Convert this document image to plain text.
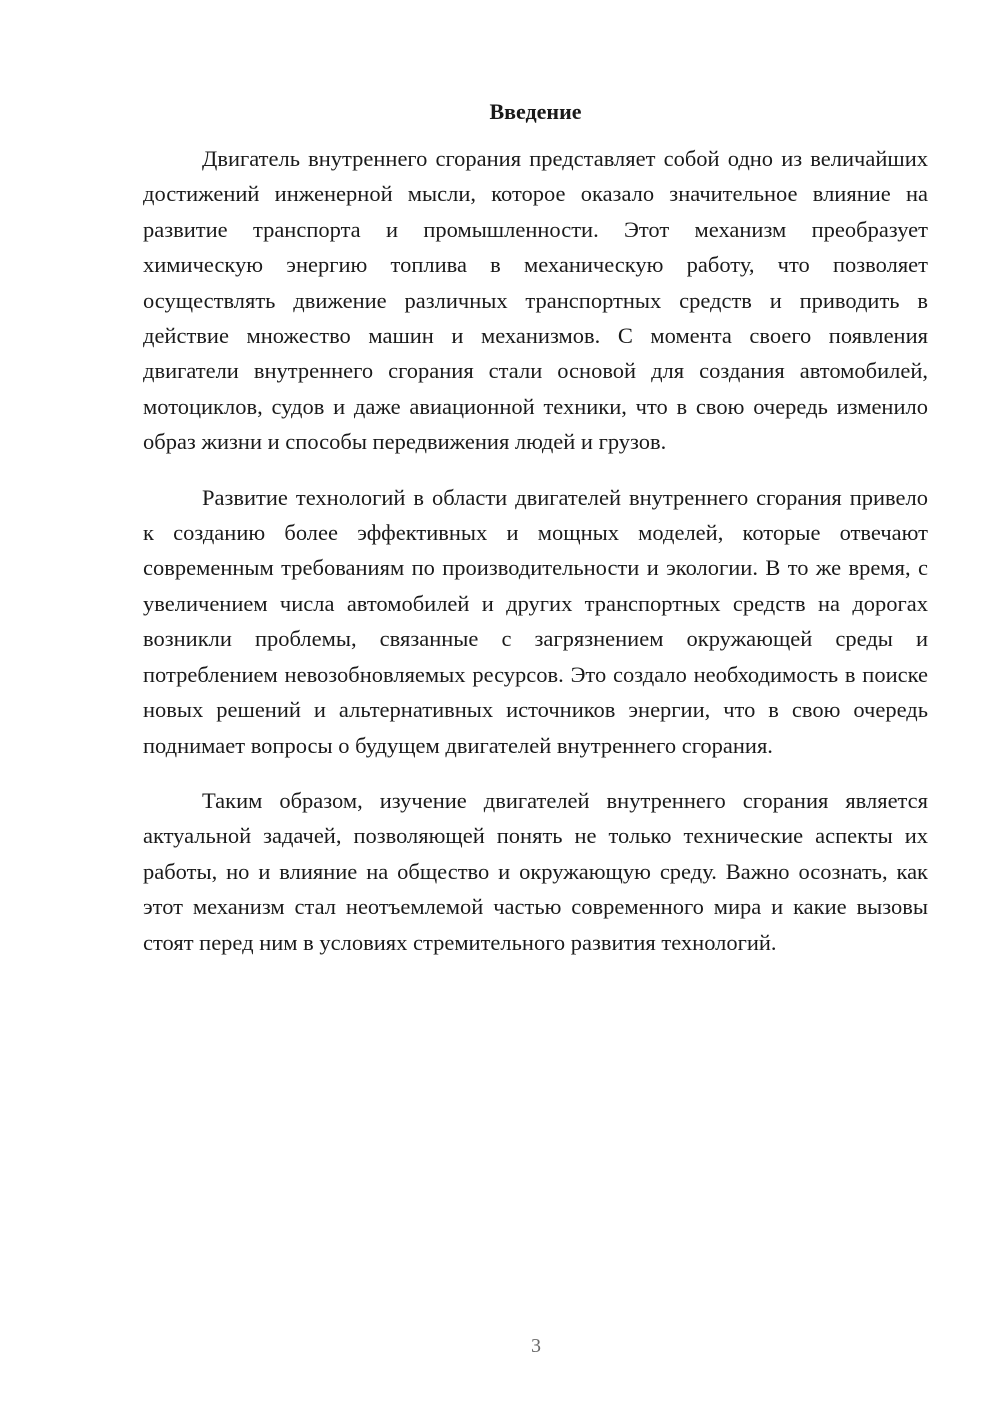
Введение

Двигатель внутреннего сгорания представляет собой одно из величайших достижений инженерной мысли, которое оказало значительное влияние на развитие транспорта и промышленности. Этот механизм преобразует химическую энергию топлива в механическую работу, что позволяет осуществлять движение различных транспортных средств и приводить в действие множество машин и механизмов. С момента своего появления двигатели внутреннего сгорания стали основой для создания автомобилей, мотоциклов, судов и даже авиационной техники, что в свою очередь изменило образ жизни и способы передвижения людей и грузов.

Развитие технологий в области двигателей внутреннего сгорания привело к созданию более эффективных и мощных моделей, которые отвечают современным требованиям по производительности и экологии. В то же время, с увеличением числа автомобилей и других транспортных средств на дорогах возникли проблемы, связанные с загрязнением окружающей среды и потреблением невозобновляемых ресурсов. Это создало необходимость в поиске новых решений и альтернативных источников энергии, что в свою очередь поднимает вопросы о будущем двигателей внутреннего сгорания.

Таким образом, изучение двигателей внутреннего сгорания является актуальной задачей, позволяющей понять не только технические аспекты их работы, но и влияние на общество и окружающую среду. Важно осознать, как этот механизм стал неотъемлемой частью современного мира и какие вызовы стоят перед ним в условиях стремительного развития технологий.

3
